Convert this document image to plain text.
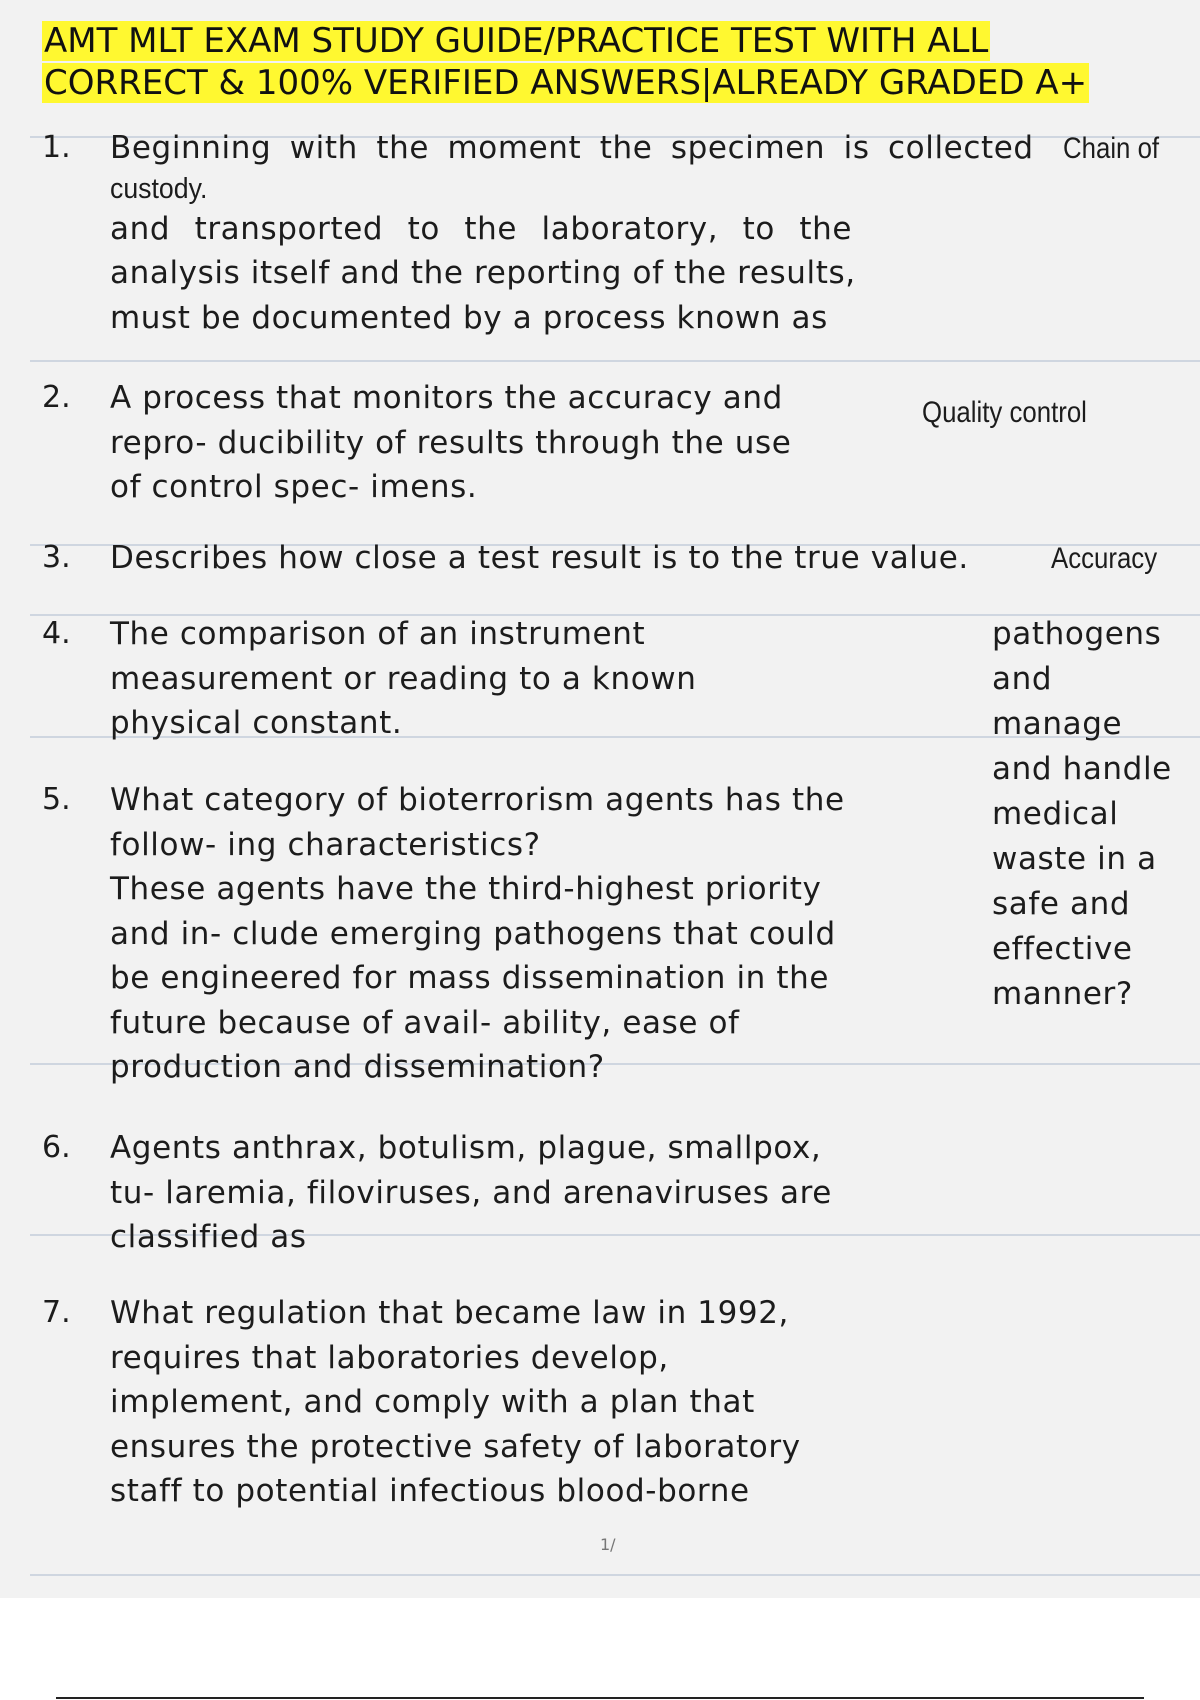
AMT MLT EXAM STUDY GUIDE/PRACTICE TEST WITH ALL
CORRECT & 100% VERIFIED ANSWERS|ALREADY GRADED A+
1. Beginning with the moment the specimen is collected
custody.
and transported to the laboratory, to the
analysis itself and the reporting of the results,
must be documented by a process known as
Chain of
2. A process that monitors the accuracy and
repro- ducibility of results through the use
of control spec- imens.
Quality control
3. Describes how close a test result is to the true value.	Accuracy
4. The comparison of an instrument
measurement or reading to a known
physical constant.
pathogens
and
manage
and handle
medical
waste in a
safe and
effective
manner?
5. What category of bioterrorism agents has the
follow- ing characteristics?
These agents have the third-highest priority
and in- clude emerging pathogens that could
be engineered for mass dissemination in the
future because of avail- ability, ease of
production and dissemination?
6. Agents anthrax, botulism, plague, smallpox,
tu- laremia, filoviruses, and arenaviruses are
classified as
7. What regulation that became law in 1992,
requires that laboratories develop,
implement, and comply with a plan that
ensures the protective safety of laboratory
staff to potential infectious blood-borne
1/
